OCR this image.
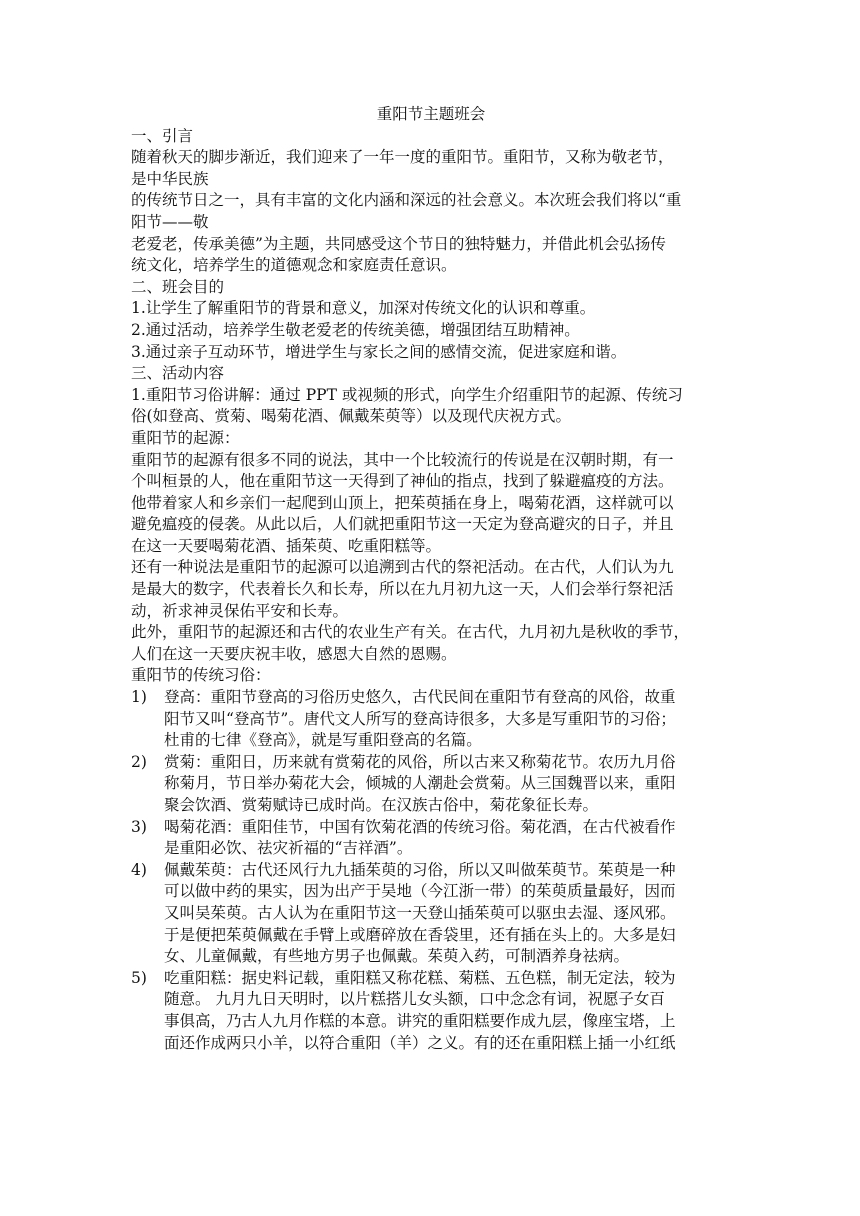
重阳节主题班会
一、引言
随着秋天的脚步渐近，我们迎来了一年一度的重阳节。重阳节，又称为敬老节，
是中华民族
的传统节日之一，具有丰富的文化内涵和深远的社会意义。本次班会我们将以“重
阳节——敬
老爱老，传承美德”为主题，共同感受这个节日的独特魅力，并借此机会弘扬传
统文化，培养学生的道德观念和家庭责任意识。
二、班会目的
1.让学生了解重阳节的背景和意义，加深对传统文化的认识和尊重。
2.通过活动，培养学生敬老爱老的传统美德，增强团结互助精神。
3.通过亲子互动环节，增进学生与家长之间的感情交流，促进家庭和谐。
三、活动内容
1.重阳节习俗讲解：通过 PPT 或视频的形式，向学生介绍重阳节的起源、传统习
俗(如登高、赏菊、喝菊花酒、佩戴茱萸等）以及现代庆祝方式。
重阳节的起源：
重阳节的起源有很多不同的说法，其中一个比较流行的传说是在汉朝时期，有一
个叫桓景的人，他在重阳节这一天得到了神仙的指点，找到了躲避瘟疫的方法。
他带着家人和乡亲们一起爬到山顶上，把茱萸插在身上，喝菊花酒，这样就可以
避免瘟疫的侵袭。从此以后，人们就把重阳节这一天定为登高避灾的日子，并且
在这一天要喝菊花酒、插茱萸、吃重阳糕等。
还有一种说法是重阳节的起源可以追溯到古代的祭祀活动。在古代，人们认为九
是最大的数字，代表着长久和长寿，所以在九月初九这一天，人们会举行祭祀活
动，祈求神灵保佑平安和长寿。
此外，重阳节的起源还和古代的农业生产有关。在古代，九月初九是秋收的季节，
人们在这一天要庆祝丰收，感恩大自然的恩赐。
重阳节的传统习俗：
1)	登高：重阳节登高的习俗历史悠久，古代民间在重阳节有登高的风俗，故重
阳节又叫“登高节”。唐代文人所写的登高诗很多，大多是写重阳节的习俗；
杜甫的七律《登高》，就是写重阳登高的名篇。
2)	赏菊：重阳日，历来就有赏菊花的风俗，所以古来又称菊花节。农历九月俗
称菊月，节日举办菊花大会，倾城的人潮赴会赏菊。从三国魏晋以来，重阳
聚会饮酒、赏菊赋诗已成时尚。在汉族古俗中，菊花象征长寿。
3)	喝菊花酒：重阳佳节，中国有饮菊花酒的传统习俗。菊花酒，在古代被看作
是重阳必饮、祛灾祈福的“吉祥酒”。
4)	佩戴茱萸：古代还风行九九插茱萸的习俗，所以又叫做茱萸节。茱萸是一种
可以做中药的果实，因为出产于吴地（今江浙一带）的茱萸质量最好，因而
又叫吴茱萸。古人认为在重阳节这一天登山插茱萸可以驱虫去湿、逐风邪。
于是便把茱萸佩戴在手臂上或磨碎放在香袋里，还有插在头上的。大多是妇
女、儿童佩戴，有些地方男子也佩戴。茱萸入药，可制酒养身祛病。
5)	吃重阳糕：据史料记载，重阳糕又称花糕、菊糕、五色糕，制无定法，较为
随意。 九月九日天明时，以片糕搭儿女头额，口中念念有词，祝愿子女百
事俱高，乃古人九月作糕的本意。讲究的重阳糕要作成九层，像座宝塔，上
面还作成两只小羊，以符合重阳（羊）之义。有的还在重阳糕上插一小红纸
